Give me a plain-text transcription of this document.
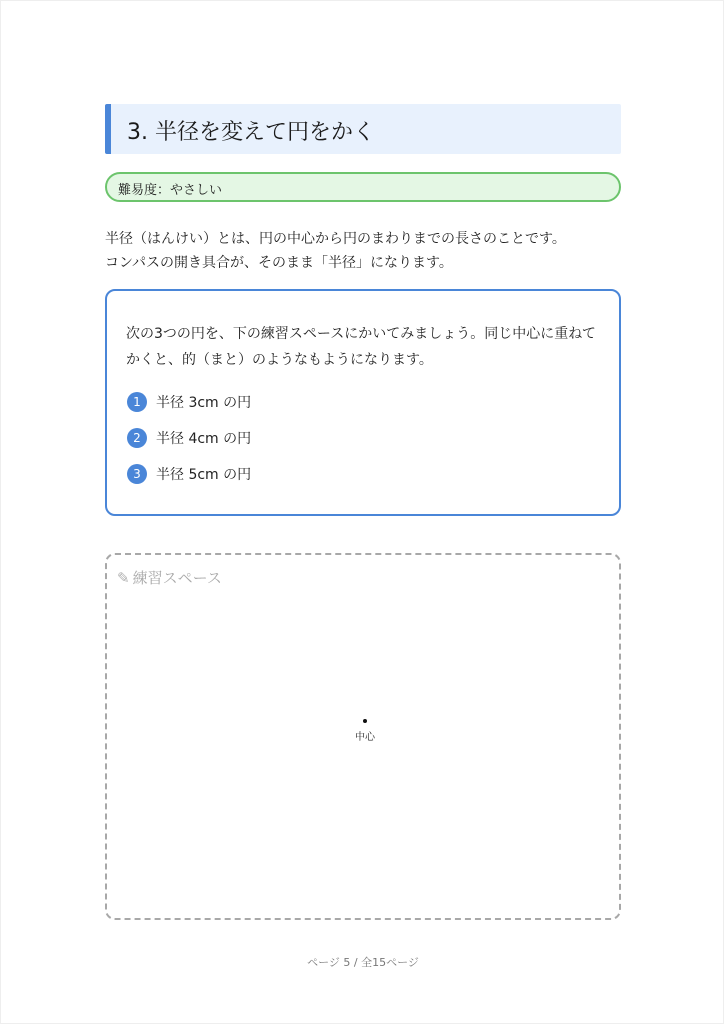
3. 半径を変えて円をかく
難易度：やさしい

半径（はんけい）とは、円の中心から円のまわりまでの長さのことです。

コンパスの開き具合が、そのまま「半径」になります。

次の3つの円を、下の練習スペースにかいてみましょう。同じ中心に重ねてかくと、的（まと）のようなもようになります。
1	半径 3cm の円
2	半径 4cm の円
3	半径 5cm の円
✎ 練習スペース
中心
ページ 5 / 全15ページ
